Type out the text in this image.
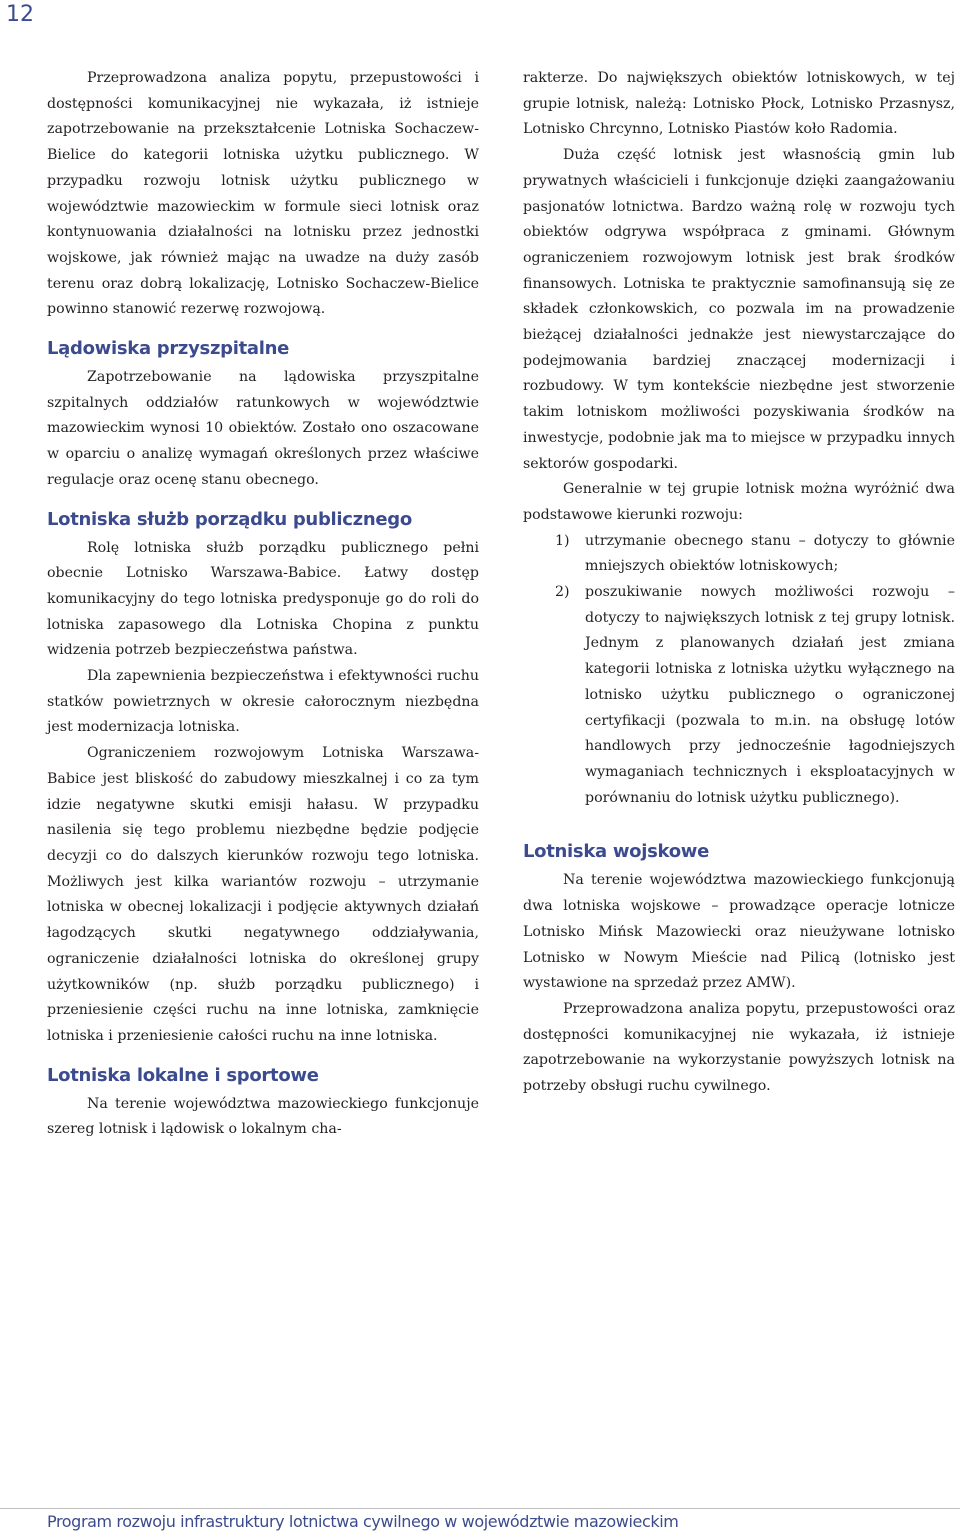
12

Przeprowadzona analiza popytu, przepustowości i dostępności komunikacyjnej nie wykazała, iż istnieje zapotrzebowanie na przekształcenie Lotniska Sochaczew-Bielice do kategorii lotniska użytku publicznego. W przypadku rozwoju lotnisk użytku publicznego w województwie mazowieckim w formule sieci lotnisk oraz kontynuowania działalności na lotnisku przez jednostki wojskowe, jak również mając na uwadze na duży zasób terenu oraz dobrą lokalizację, Lotnisko Sochaczew-Bielice powinno stanowić rezerwę rozwojową.

Lądowiska przyszpitalne

Zapotrzebowanie na lądowiska przyszpitalne szpitalnych oddziałów ratunkowych w województwie mazowieckim wynosi 10 obiektów. Zostało ono oszacowane w oparciu o analizę wymagań określonych przez właściwe regulacje oraz ocenę stanu obecnego.

Lotniska służb porządku publicznego

Rolę lotniska służb porządku publicznego pełni obecnie Lotnisko Warszawa-Babice. Łatwy dostęp komunikacyjny do tego lotniska predysponuje go do roli do lotniska zapasowego dla Lotniska Chopina z punktu widzenia potrzeb bezpieczeństwa państwa.

Dla zapewnienia bezpieczeństwa i efektywności ruchu statków powietrznych w okresie całorocznym niezbędna jest modernizacja lotniska.

Ograniczeniem rozwojowym Lotniska Warszawa-Babice jest bliskość do zabudowy mieszkalnej i co za tym idzie negatywne skutki emisji hałasu. W przypadku nasilenia się tego problemu niezbędne będzie podjęcie decyzji co do dalszych kierunków rozwoju tego lotniska. Możliwych jest kilka wariantów rozwoju – utrzymanie lotniska w obecnej lokalizacji i podjęcie aktywnych działań łagodzących skutki negatywnego oddziaływania, ograniczenie działalności lotniska do określonej grupy użytkowników (np. służb porządku publicznego) i przeniesienie części ruchu na inne lotniska, zamknięcie lotniska i przeniesienie całości ruchu na inne lotniska.

Lotniska lokalne i sportowe

Na terenie województwa mazowieckiego funkcjonuje szereg lotnisk i lądowisk o lokalnym cha-

rakterze. Do największych obiektów lotniskowych, w tej grupie lotnisk, należą: Lotnisko Płock, Lotnisko Przasnysz, Lotnisko Chrcynno, Lotnisko Piastów koło Radomia.

Duża część lotnisk jest własnością gmin lub prywatnych właścicieli i funkcjonuje dzięki zaangażowaniu pasjonatów lotnictwa. Bardzo ważną rolę w rozwoju tych obiektów odgrywa współpraca z gminami. Głównym ograniczeniem rozwojowym lotnisk jest brak środków finansowych. Lotniska te praktycznie samofinansują się ze składek członkowskich, co pozwala im na prowadzenie bieżącej działalności jednakże jest niewystarczające do podejmowania bardziej znaczącej modernizacji i rozbudowy. W tym kontekście niezbędne jest stworzenie takim lotniskom możliwości pozyskiwania środków na inwestycje, podobnie jak ma to miejsce w przypadku innych sektorów gospodarki.

Generalnie w tej grupie lotnisk można wyróżnić dwa podstawowe kierunki rozwoju:

1) utrzymanie obecnego stanu – dotyczy to głównie mniejszych obiektów lotniskowych;
2) poszukiwanie nowych możliwości rozwoju – dotyczy to największych lotnisk z tej grupy lotnisk. Jednym z planowanych działań jest zmiana kategorii lotniska z lotniska użytku wyłącznego na lotnisko użytku publicznego o ograniczonej certyfikacji (pozwala to m.in. na obsługę lotów handlowych przy jednocześnie łagodniejszych wymaganiach technicznych i eksploatacyjnych w porównaniu do lotnisk użytku publicznego).
Lotniska wojskowe

Na terenie województwa mazowieckiego funkcjonują dwa lotniska wojskowe – prowadzące operacje lotnicze Lotnisko Mińsk Mazowiecki oraz nieużywane lotnisko Lotnisko w Nowym Mieście nad Pilicą (lotnisko jest wystawione na sprzedaż przez AMW).

Przeprowadzona analiza popytu, przepustowości oraz dostępności komunikacyjnej nie wykazała, iż istnieje zapotrzebowanie na wykorzystanie powyższych lotnisk na potrzeby obsługi ruchu cywilnego.

Program rozwoju infrastruktury lotnictwa cywilnego w województwie mazowieckim
